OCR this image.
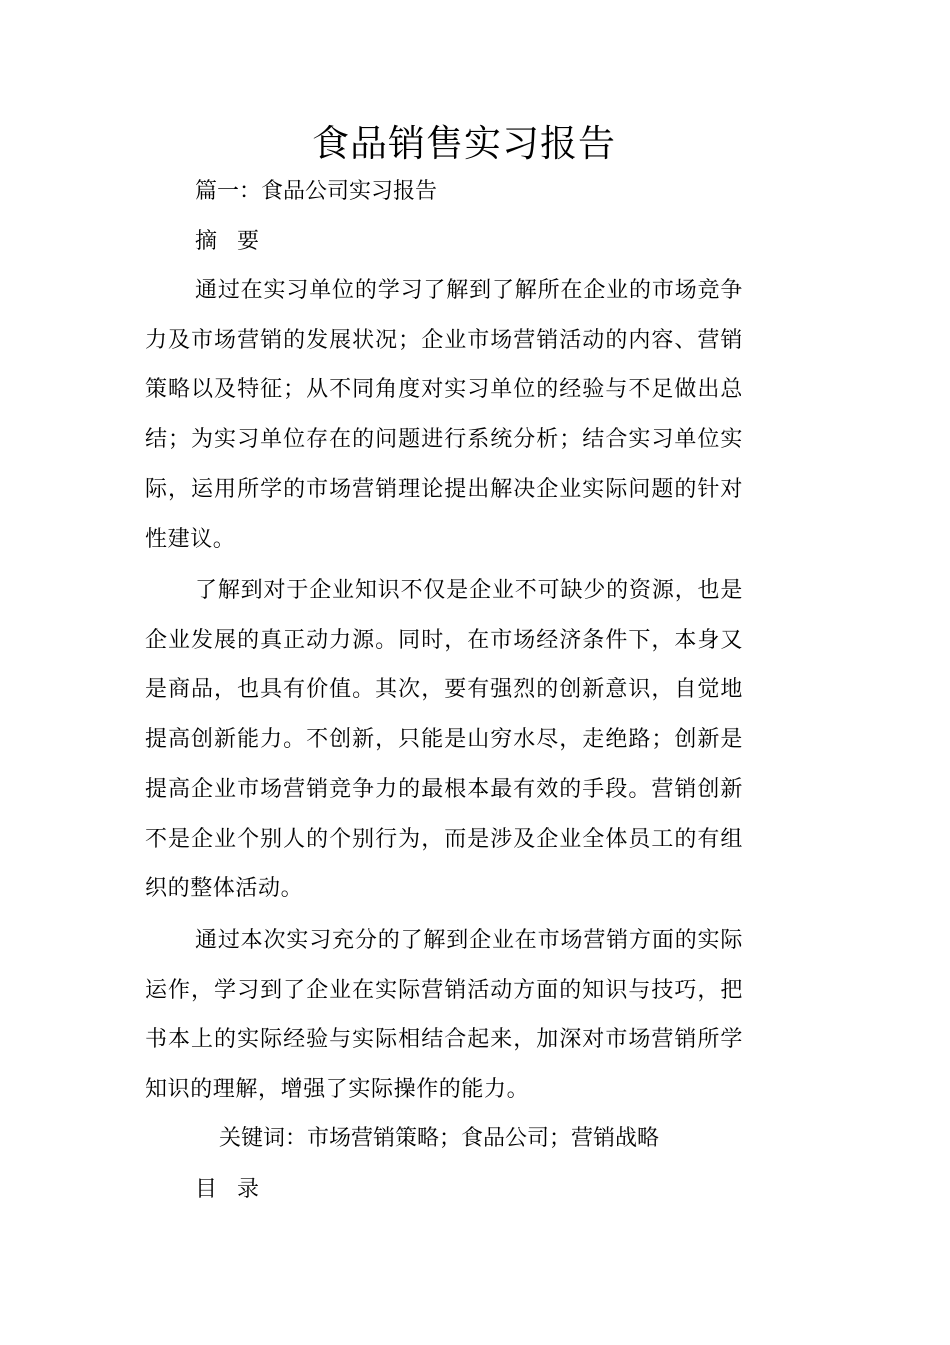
食品销售实习报告

篇一：食品公司实习报告

摘要

通过在实习单位的学习了解到了解所在企业的市场竞争力及市场营销的发展状况；企业市场营销活动的内容、营销策略以及特征；从不同角度对实习单位的经验与不足做出总结；为实习单位存在的问题进行系统分析；结合实习单位实际，运用所学的市场营销理论提出解决企业实际问题的针对性建议。

了解到对于企业知识不仅是企业不可缺少的资源，也是企业发展的真正动力源。同时，在市场经济条件下，本身又是商品，也具有价值。其次，要有强烈的创新意识，自觉地提高创新能力。不创新，只能是山穷水尽，走绝路；创新是提高企业市场营销竞争力的最根本最有效的手段。营销创新不是企业个别人的个别行为，而是涉及企业全体员工的有组织的整体活动。

通过本次实习充分的了解到企业在市场营销方面的实际运作，学习到了企业在实际营销活动方面的知识与技巧，把书本上的实际经验与实际相结合起来，加深对市场营销所学知识的理解，增强了实际操作的能力。

关键词：市场营销策略；食品公司；营销战略

目录
